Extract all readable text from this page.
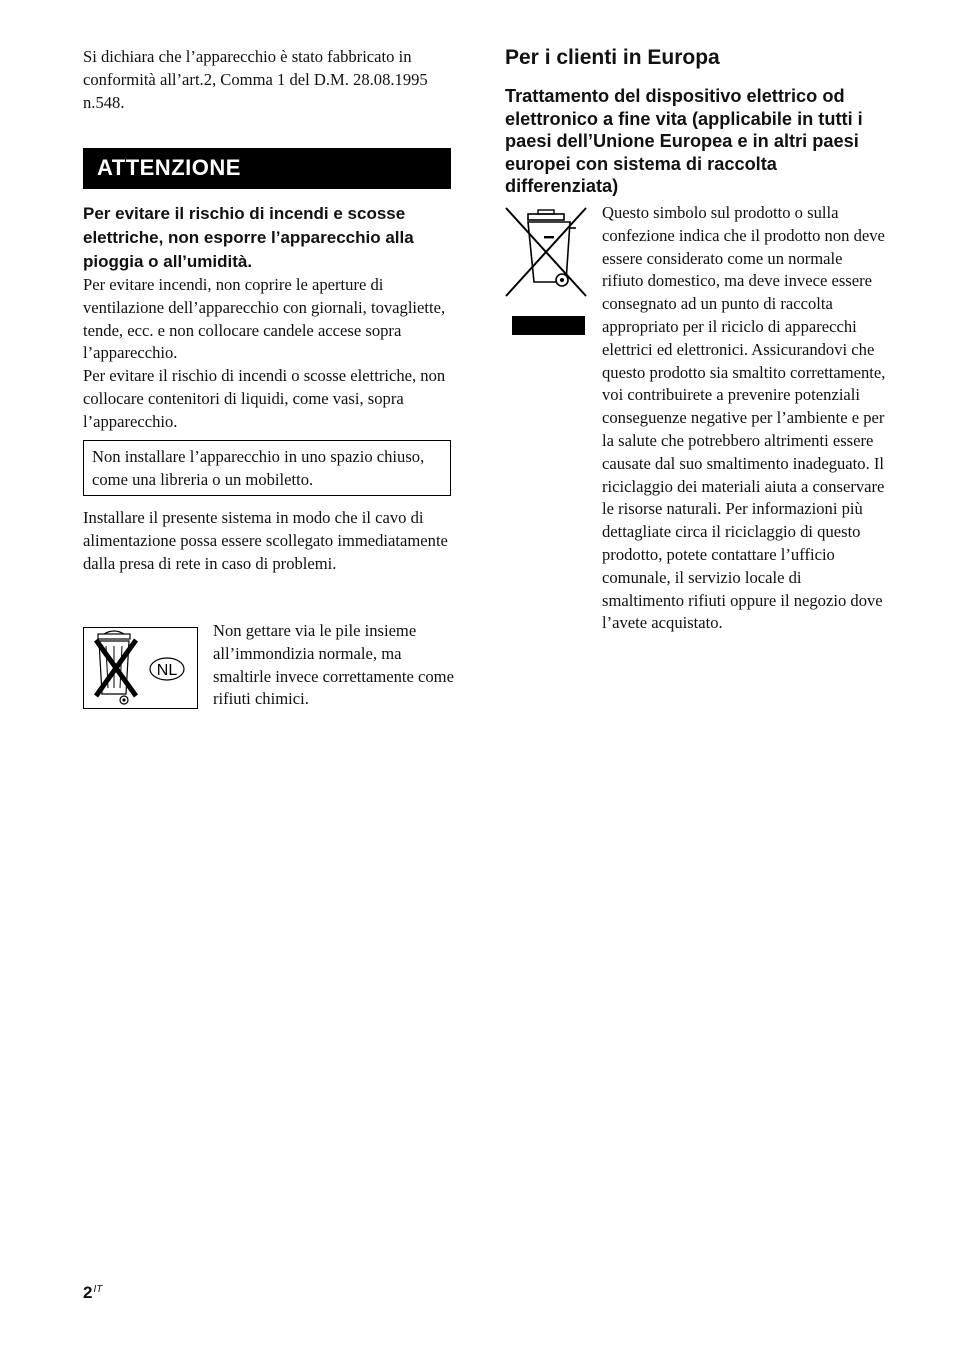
Si dichiara che l’apparecchio è stato fabbricato in conformità all’art.2, Comma 1 del D.M. 28.08.1995 n.548.

ATTENZIONE

Per evitare il rischio di incendi e scosse elettriche, non esporre l’apparecchio alla pioggia o all’umidità.

Per evitare incendi, non coprire le aperture di ventilazione dell’apparecchio con giornali, tovagliette, tende, ecc. e non collocare candele accese sopra l’apparecchio.

Per evitare il rischio di incendi o scosse elettriche, non collocare contenitori di liquidi, come vasi, sopra l’apparecchio.

Non installare l’apparecchio in uno spazio chiuso, come una libreria o un mobiletto.

Installare il presente sistema in modo che il cavo di alimentazione possa essere scollegato immediatamente dalla presa di rete in caso di problemi.

NL

Non gettare via le pile insieme all’immondizia normale, ma smaltirle invece correttamente come rifiuti chimici.

Per i clienti in Europa
Trattamento del dispositivo elettrico od elettronico a fine vita (applicabile in tutti i paesi dell’Unione Europea e in altri paesi europei con sistema di raccolta differenziata)

Questo simbolo sul prodotto o sulla confezione indica che il prodotto non deve essere considerato come un normale rifiuto domestico, ma deve invece essere consegnato ad un punto di raccolta appropriato per il riciclo di apparecchi elettrici ed elettronici. Assicurandovi che questo prodotto sia smaltito correttamente, voi contribuirete a prevenire potenziali conseguenze negative per l’ambiente e per la salute che potrebbero altrimenti essere causate dal suo smaltimento inadeguato. Il riciclaggio dei materiali aiuta a conservare le risorse naturali. Per informazioni più dettagliate circa il riciclaggio di questo prodotto, potete contattare l’ufficio comunale, il servizio locale di smaltimento rifiuti oppure il negozio dove l’avete acquistato.

$2^{IT}$
